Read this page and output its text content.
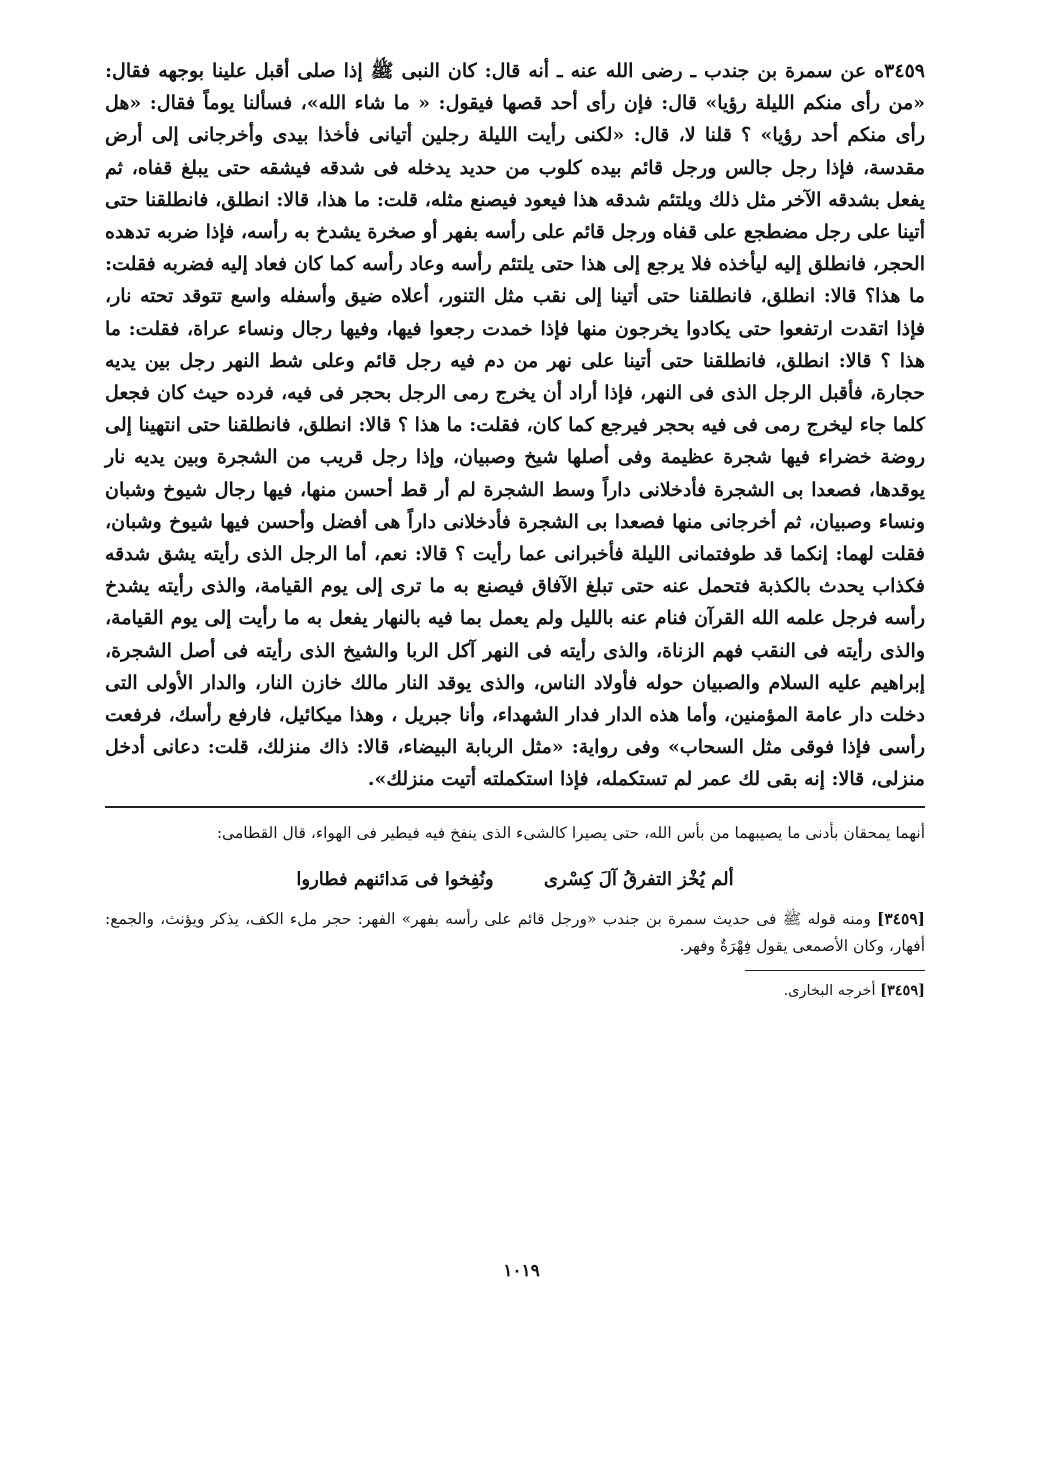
٣٤٥٩ه عن سمرة بن جندب ـ رضى الله عنه ـ أنه قال: كان النبى ﷺ إذا صلى أقبل علينا بوجهه فقال: «من رأى منكم الليلة رؤيا» قال: فإن رأى أحد قصها فيقول: « ما شاء الله»، فسألنا يوماً فقال: «هل رأى منكم أحد رؤيا» ؟ قلنا لا، قال: «لكنى رأيت الليلة رجلين أتيانى فأخذا بيدى وأخرجانى إلى أرض مقدسة، فإذا رجل جالس ورجل قائم بيده كلوب من حديد يدخله فى شدقه فيشقه حتى يبلغ قفاه، ثم يفعل بشدقه الآخر مثل ذلك ويلتئم شدقه هذا فيعود فيصنع مثله، قلت: ما هذا، قالا: انطلق، فانطلقنا حتى أتينا على رجل مضطجع على قفاه ورجل قائم على رأسه بفهر أو صخرة يشدخ به رأسه، فإذا ضربه تدهده الحجر، فانطلق إليه ليأخذه فلا يرجع إلى هذا حتى يلتئم رأسه وعاد رأسه كما كان فعاد إليه فضربه فقلت: ما هذا؟ قالا: انطلق، فانطلقنا حتى أتينا إلى نقب مثل التنور، أعلاه ضيق وأسفله واسع تتوقد تحته نار، فإذا اتقدت ارتفعوا حتى يكادوا يخرجون منها فإذا خمدت رجعوا فيها، وفيها رجال ونساء عراة، فقلت: ما هذا ؟ قالا: انطلق، فانطلقنا حتى أتينا على نهر من دم فيه رجل قائم وعلى شط النهر رجل بين يديه حجارة، فأقبل الرجل الذى فى النهر، فإذا أراد أن يخرج رمى الرجل بحجر فى فيه، فرده حيث كان فجعل كلما جاء ليخرج رمى فى فيه بحجر فيرجع كما كان، فقلت: ما هذا ؟ قالا: انطلق، فانطلقنا حتى انتهينا إلى روضة خضراء فيها شجرة عظيمة وفى أصلها شيخ وصبيان، وإذا رجل قريب من الشجرة وبين يديه نار يوقدها، فصعدا بى الشجرة فأدخلانى داراً وسط الشجرة لم أر قط أحسن منها، فيها رجال شيوخ وشبان ونساء وصبيان، ثم أخرجانى منها فصعدا بى الشجرة فأدخلانى داراً هى أفضل وأحسن فيها شيوخ وشبان، فقلت لهما: إنكما قد طوفتمانى الليلة فأخبرانى عما رأيت ؟ قالا: نعم، أما الرجل الذى رأيته يشق شدقه فكذاب يحدث بالكذبة فتحمل عنه حتى تبلغ الآفاق فيصنع به ما ترى إلى يوم القيامة، والذى رأيته يشدخ رأسه فرجل علمه الله القرآن فنام عنه بالليل ولم يعمل بما فيه بالنهار يفعل به ما رأيت إلى يوم القيامة، والذى رأيته فى النقب فهم الزناة، والذى رأيته فى النهر آكل الربا والشيخ الذى رأيته فى أصل الشجرة، إبراهيم عليه السلام والصبيان حوله فأولاد الناس، والذى يوقد النار مالك خازن النار، والدار الأولى التى دخلت دار عامة المؤمنين، وأما هذه الدار فدار الشهداء، وأنا جبريل ، وهذا ميكائيل، فارفع رأسك، فرفعت رأسى فإذا فوقى مثل السحاب» وفى رواية: «مثل الربابة البيضاء، قالا: ذاك منزلك، قلت: دعانى أدخل منزلى، قالا: إنه بقى لك عمر لم تستكمله، فإذا استكملته أتيت منزلك».

أنهما يمحقان بأدنى ما يصيبهما من بأس الله، حتى يصيرا كالشىء الذى ينفخ فيه فيطير فى الهواء، قال القطامى:

ألم يُخْز التفرقُ آلَ كِسْرى ونُفِخوا فى مَدائنهم فطاروا

[٣٤٥٩] ومنه قوله ﷺ فى حديث سمرة بن جندب «ورجل قائم على رأسه بفهر» الفهر: حجر ملء الكف، يذكر ويؤنث، والجمع: أفهار، وكان الأصمعى يقول فِهْرَةٌ وفهر.

[٣٤٥٩] أخرجه البخارى.

١٠١٩
